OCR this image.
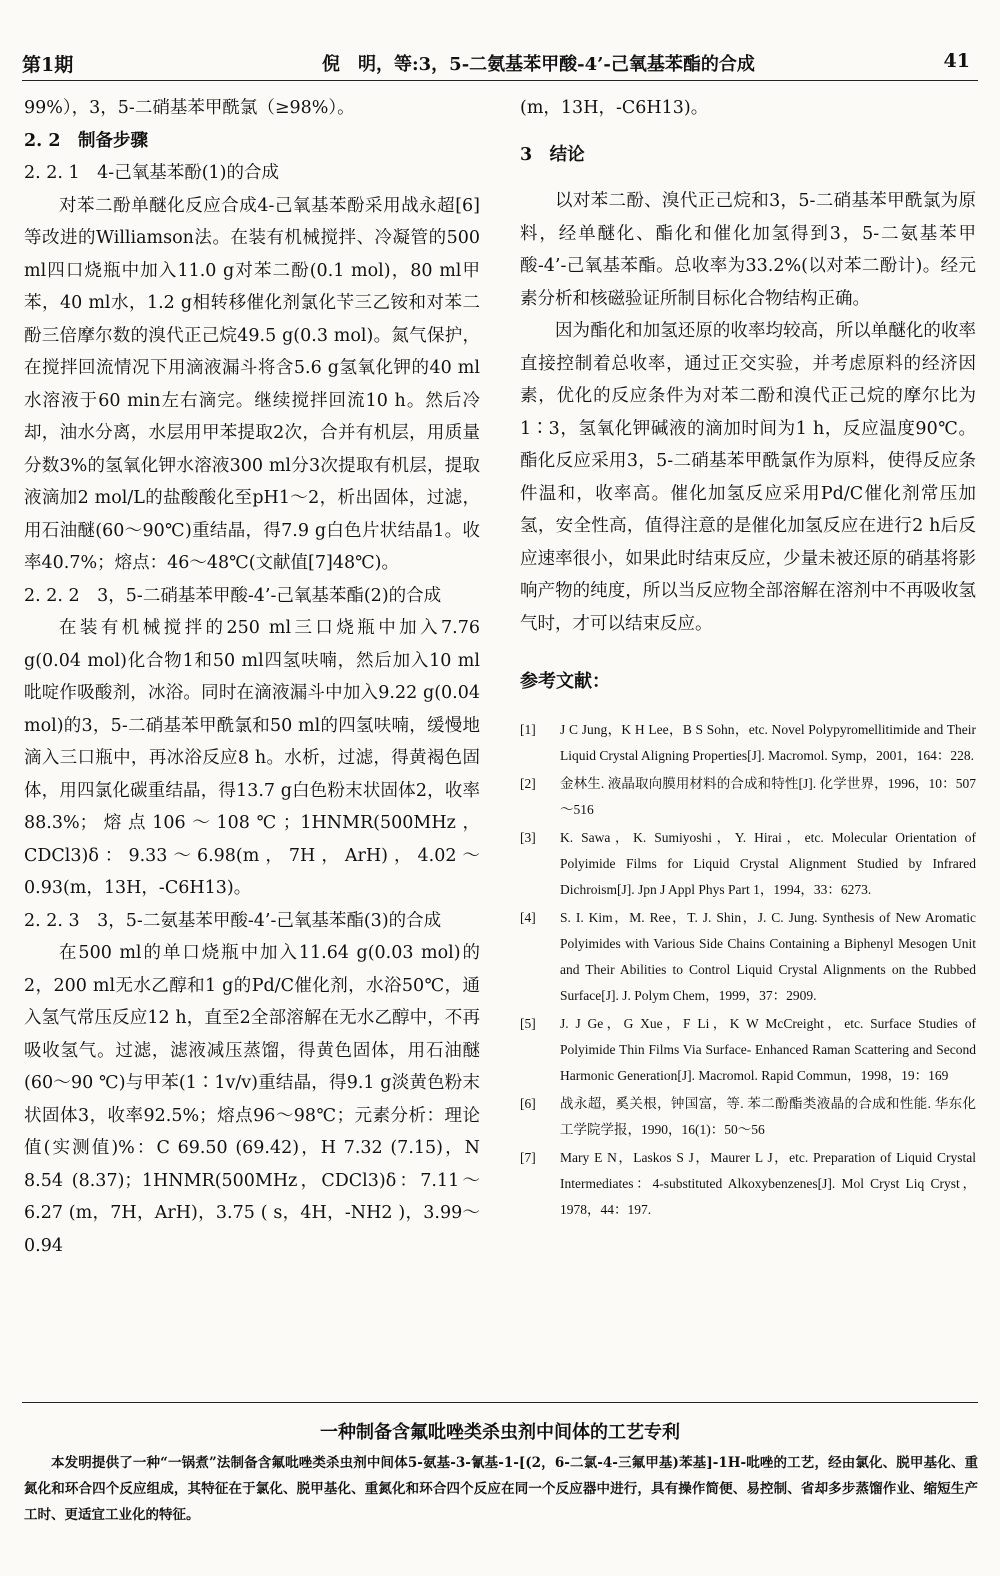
第1期	倪　明，等:3，5-二氨基苯甲酸-4’-己氧基苯酯的合成	41

99%），3，5-二硝基苯甲酰氯（≥98%）。

2. 2　制备步骤

2. 2. 1　4-己氧基苯酚(1)的合成

对苯二酚单醚化反应合成4-己氧基苯酚采用战永超[6]等改进的Williamson法。在装有机械搅拌、冷凝管的500 ml四口烧瓶中加入11.0 g对苯二酚(0.1 mol)，80 ml甲苯，40 ml水，1.2 g相转移催化剂氯化苄三乙铵和对苯二酚三倍摩尔数的溴代正己烷49.5 g(0.3 mol)。氮气保护，在搅拌回流情况下用滴液漏斗将含5.6 g氢氧化钾的40 ml水溶液于60 min左右滴完。继续搅拌回流10 h。然后冷却，油水分离，水层用甲苯提取2次，合并有机层，用质量分数3%的氢氧化钾水溶液300 ml分3次提取有机层，提取液滴加2 mol/L的盐酸酸化至pH1～2，析出固体，过滤，用石油醚(60～90℃)重结晶，得7.9 g白色片状结晶1。收率40.7%；熔点：46～48℃(文献值[7]48℃)。

2. 2. 2　3，5-二硝基苯甲酸-4’-己氧基苯酯(2)的合成

在装有机械搅拌的250 ml三口烧瓶中加入7.76 g(0.04 mol)化合物1和50 ml四氢呋喃，然后加入10 ml吡啶作吸酸剂，冰浴。同时在滴液漏斗中加入9.22 g(0.04 mol)的3，5-二硝基苯甲酰氯和50 ml的四氢呋喃，缓慢地滴入三口瓶中，再冰浴反应8 h。水析，过滤，得黄褐色固体，用四氯化碳重结晶，得13.7 g白色粉末状固体2，收率88.3%；熔点106～108℃；1HNMR(500MHz，CDCl3)δ：9.33～6.98(m，7H，ArH)，4.02～0.93(m，13H，-C6H13)。

2. 2. 3　3，5-二氨基苯甲酸-4’-己氧基苯酯(3)的合成

在500 ml的单口烧瓶中加入11.64 g(0.03 mol)的2，200 ml无水乙醇和1 g的Pd/C催化剂，水浴50℃，通入氢气常压反应12 h，直至2全部溶解在无水乙醇中，不再吸收氢气。过滤，滤液减压蒸馏，得黄色固体，用石油醚(60～90 ℃)与甲苯(1∶1v/v)重结晶，得9.1 g淡黄色粉末状固体3，收率92.5%；熔点96～98℃；元素分析：理论值(实测值)%：C 69.50 (69.42)，H 7.32 (7.15)，N 8.54 (8.37)；1HNMR(500MHz，CDCl3)δ：7.11～6.27 (m，7H，ArH)，3.75 ( s，4H，-NH2 )，3.99～0.94

(m，13H，-C6H13)。

3　结论

以对苯二酚、溴代正己烷和3，5-二硝基苯甲酰氯为原料，经单醚化、酯化和催化加氢得到3，5-二氨基苯甲酸-4’-己氧基苯酯。总收率为33.2%(以对苯二酚计)。经元素分析和核磁验证所制目标化合物结构正确。

因为酯化和加氢还原的收率均较高，所以单醚化的收率直接控制着总收率，通过正交实验，并考虑原料的经济因素，优化的反应条件为对苯二酚和溴代正己烷的摩尔比为1∶3，氢氧化钾碱液的滴加时间为1 h，反应温度90℃。酯化反应采用3，5-二硝基苯甲酰氯作为原料，使得反应条件温和，收率高。催化加氢反应采用Pd/C催化剂常压加氢，安全性高，值得注意的是催化加氢反应在进行2 h后反应速率很小，如果此时结束反应，少量未被还原的硝基将影响产物的纯度，所以当反应物全部溶解在溶剂中不再吸收氢气时，才可以结束反应。

参考文献：

[1] J C Jung，K H Lee，B S Sohn，etc. Novel Polypyromellitimide and Their Liquid Crystal Aligning Properties[J]. Macromol. Symp，2001，164：228.
[2] 金林生. 液晶取向膜用材料的合成和特性[J]. 化学世界，1996，10：507～516
[3] K. Sawa，K. Sumiyoshi，Y. Hirai，etc. Molecular Orientation of Polyimide Films for Liquid Crystal Alignment Studied by Infrared Dichroism[J]. Jpn J Appl Phys Part 1，1994，33：6273.
[4] S. I. Kim，M. Ree，T. J. Shin，J. C. Jung. Synthesis of New Aromatic Polyimides with Various Side Chains Containing a Biphenyl Mesogen Unit and Their Abilities to Control Liquid Crystal Alignments on the Rubbed Surface[J]. J. Polym Chem，1999，37：2909.
[5] J. J Ge，G Xue，F Li，K W McCreight，etc. Surface Studies of Polyimide Thin Films Via Surface- Enhanced Raman Scattering and Second Harmonic Generation[J]. Macromol. Rapid Commun，1998，19：169
[6] 战永超，奚关根，钟国富，等. 苯二酚酯类液晶的合成和性能. 华东化工学院学报，1990，16(1)：50～56
[7] Mary E N，Laskos S J，Maurer L J，etc. Preparation of Liquid Crystal Intermediates：4-substituted Alkoxybenzenes[J]. Mol Cryst Liq Cryst，1978，44：197.
一种制备含氟吡唑类杀虫剂中间体的工艺专利
本发明提供了一种“一锅煮”法制备含氟吡唑类杀虫剂中间体5-氨基-3-氰基-1-[(2，6-二氯-4-三氟甲基)苯基]-1H-吡唑的工艺，经由氯化、脱甲基化、重氮化和环合四个反应组成，其特征在于氯化、脱甲基化、重氮化和环合四个反应在同一个反应器中进行，具有操作简便、易控制、省却多步蒸馏作业、缩短生产工时、更适宜工业化的特征。
